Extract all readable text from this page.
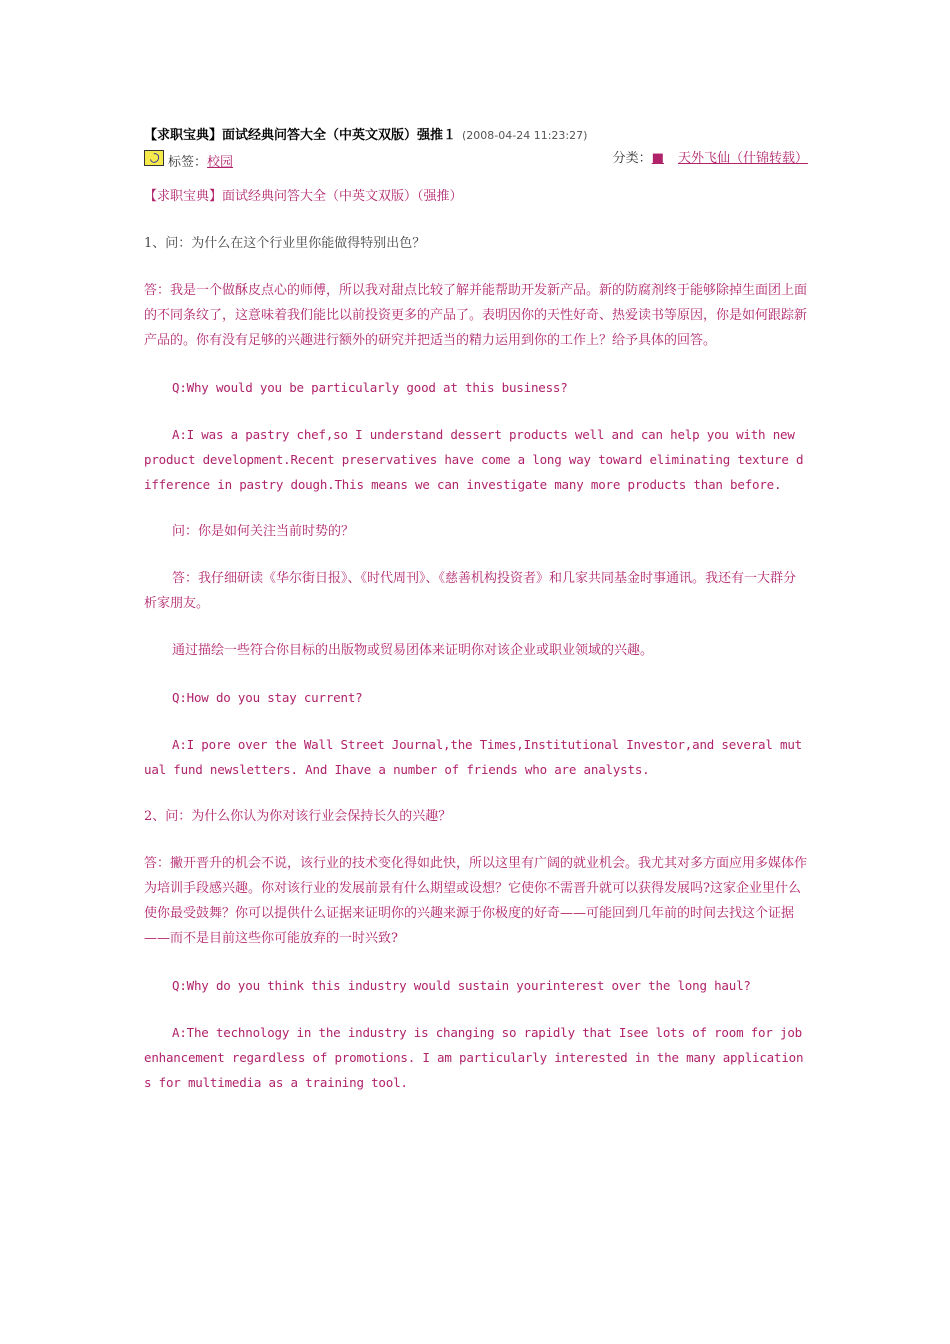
【求职宝典】面试经典问答大全（中英文双版）强推１ (2008-04-24 11:23:27)
标签： 校园	分类：■ 天外飞仙（什锦转载）

【求职宝典】面试经典问答大全（中英文双版）（强推）

1、问：为什么在这个行业里你能做得特别出色？

答：我是一个做酥皮点心的师傅，所以我对甜点比较了解并能帮助开发新产品。新的防腐剂终于能够除掉生面团上面的不同条纹了，这意味着我们能比以前投资更多的产品了。表明因你的天性好奇、热爱读书等原因，你是如何跟踪新产品的。你有没有足够的兴趣进行额外的研究并把适当的精力运用到你的工作上？给予具体的回答。

Q:Why would you be particularly good at this business?

A:I was a pastry chef,so I understand dessert products well and can help you with new product development.Recent preservatives have come a long way toward eliminating texture difference in pastry dough.This means we can investigate many more products than before.

问：你是如何关注当前时势的？

答：我仔细研读《华尔街日报》、《时代周刊》、《慈善机构投资者》和几家共同基金时事通讯。我还有一大群分析家朋友。

通过描绘一些符合你目标的出版物或贸易团体来证明你对该企业或职业领域的兴趣。

Q:How do you stay current?

A:I pore over the Wall Street Journal,the Times,Institutional Investor,and several mutual fund newsletters. And Ihave a number of friends who are analysts.

2、问：为什么你认为你对该行业会保持长久的兴趣？

答：撇开晋升的机会不说，该行业的技术变化得如此快，所以这里有广阔的就业机会。我尤其对多方面应用多媒体作为培训手段感兴趣。你对该行业的发展前景有什么期望或设想？它使你不需晋升就可以获得发展吗?这家企业里什么使你最受鼓舞？你可以提供什么证据来证明你的兴趣来源于你极度的好奇——可能回到几年前的时间去找这个证据——而不是目前这些你可能放弃的一时兴致?

Q:Why do you think this industry would sustain yourinterest over the long haul?

A:The technology in the industry is changing so rapidly that Isee lots of room for job enhancement regardless of promotions. I am particularly interested in the many applications for multimedia as a training tool.
